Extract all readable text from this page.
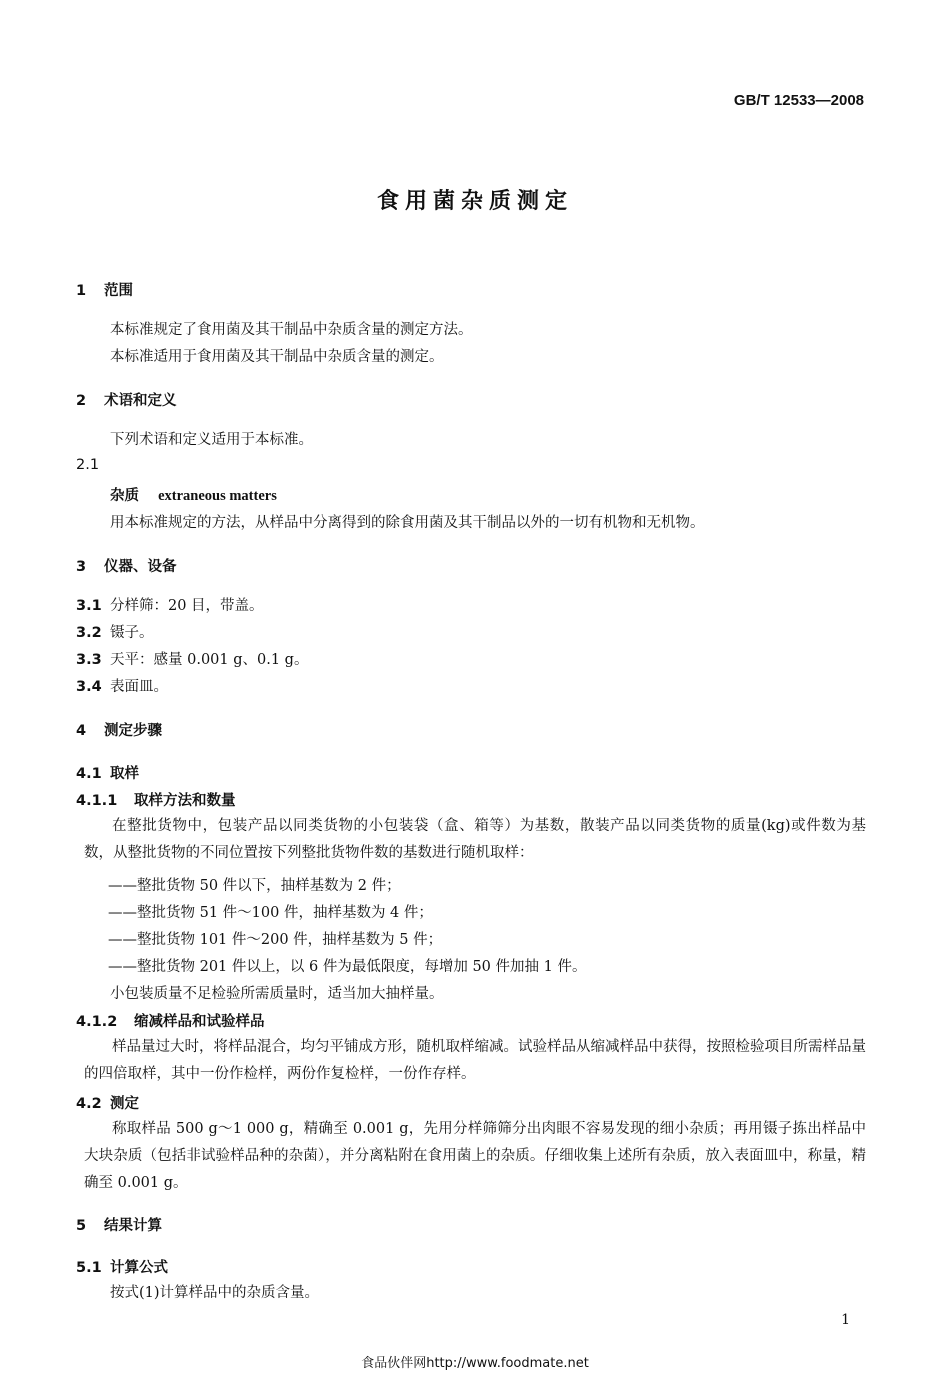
GB/T 12533—2008
食用菌杂质测定
1 范围
本标准规定了食用菌及其干制品中杂质含量的测定方法。
本标准适用于食用菌及其干制品中杂质含量的测定。
2 术语和定义
下列术语和定义适用于本标准。
2.1
杂质 extraneous matters
用本标准规定的方法，从样品中分离得到的除食用菌及其干制品以外的一切有机物和无机物。
3 仪器、设备
3.1 分样筛：20 目，带盖。
3.2 镊子。
3.3 天平：感量 0.001 g、0.1 g。
3.4 表面皿。
4 测定步骤
4.1 取样
4.1.1 取样方法和数量
在整批货物中，包装产品以同类货物的小包装袋（盒、箱等）为基数，散装产品以同类货物的质量(kg)或件数为基数，从整批货物的不同位置按下列整批货物件数的基数进行随机取样：
——整批货物 50 件以下，抽样基数为 2 件；
——整批货物 51 件～100 件，抽样基数为 4 件；
——整批货物 101 件～200 件，抽样基数为 5 件；
——整批货物 201 件以上，以 6 件为最低限度，每增加 50 件加抽 1 件。
小包装质量不足检验所需质量时，适当加大抽样量。
4.1.2 缩减样品和试验样品
样品量过大时，将样品混合，均匀平铺成方形，随机取样缩减。试验样品从缩减样品中获得，按照检验项目所需样品量的四倍取样，其中一份作检样，两份作复检样，一份作存样。
4.2 测定
称取样品 500 g～1 000 g，精确至 0.001 g，先用分样筛筛分出肉眼不容易发现的细小杂质；再用镊子拣出样品中大块杂质（包括非试验样品种的杂菌），并分离粘附在食用菌上的杂质。仔细收集上述所有杂质，放入表面皿中，称量，精确至 0.001 g。
5 结果计算
5.1 计算公式
按式(1)计算样品中的杂质含量。
1
食品伙伴网http://www.foodmate.net
